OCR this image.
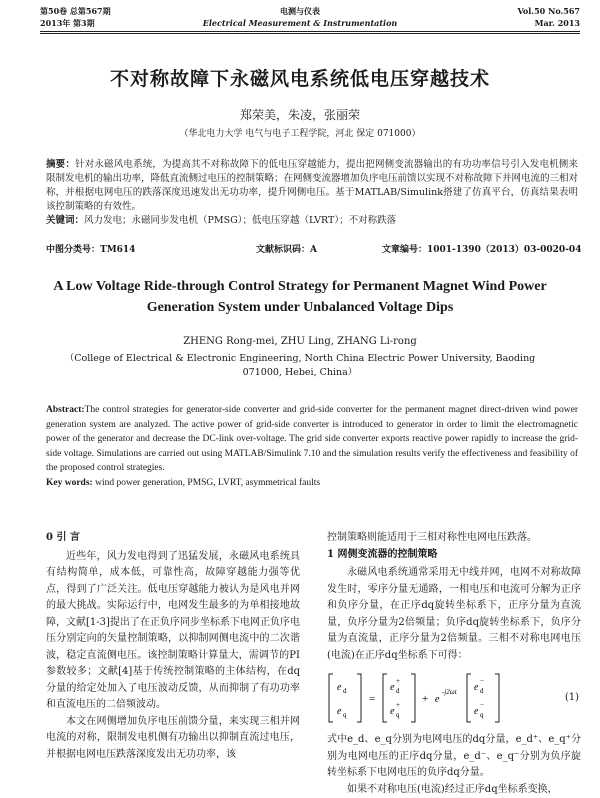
第50卷 总第567期
2013年 第3期
电测与仪表
Electrical Measurement & Instrumentation
Vol.50 No.567
Mar. 2013
不对称故障下永磁风电系统低电压穿越技术
郑荣美，朱凌，张丽荣
（华北电力大学 电气与电子工程学院，河北 保定 071000）
摘要：针对永磁风电系统，为提高其不对称故障下的低电压穿越能力，提出把网侧变流器输出的有功功率信号引入发电机侧来限制发电机的输出功率，降低直流侧过电压的控制策略；在网侧变流器增加负序电压前馈以实现不对称故障下并网电流的三相对称，并根据电网电压的跌落深度迅速发出无功功率，提升网侧电压。基于MATLAB/Simulink搭建了仿真平台，仿真结果表明该控制策略的有效性。
关键词：风力发电；永磁同步发电机（PMSG）；低电压穿越（LVRT）；不对称跌落
中图分类号：TM614	文献标识码：A	文章编号：1001-1390（2013）03-0020-04
A Low Voltage Ride-through Control Strategy for Permanent Magnet Wind Power Generation System under Unbalanced Voltage Dips
ZHENG Rong-mei, ZHU Ling, ZHANG Li-rong
（College of Electrical & Electronic Engineering, North China Electric Power University, Baoding 071000, Hebei, China）
Abstract:The control strategies for generator-side converter and grid-side converter for the permanent magnet direct-driven wind power generation system are analyzed. The active power of grid-side converter is introduced to generator in order to limit the electromagnetic power of the generator and decrease the DC-link over-voltage. The grid side converter exports reactive power rapidly to increase the grid-side voltage. Simulations are carried out using MATLAB/Simulink 7.10 and the simulation results verify the effectiveness and feasibility of the proposed control strategies.
Key words: wind power generation, PMSG, LVRT, asymmetrical faults
0 引 言

近些年，风力发电得到了迅猛发展，永磁风电系统具有结构简单，成本低，可靠性高，故障穿越能力强等优点，得到了广泛关注。低电压穿越能力被认为是风电并网的最大挑战。实际运行中，电网发生最多的为单相接地故障，文献[1-3]提出了在正负序同步坐标系下电网正负序电压分别定向的矢量控制策略，以抑制网侧电流中的二次谐波，稳定直流侧电压。该控制策略计算量大，需调节的PI参数较多；文献[4]基于传统控制策略的主体结构，在dq分量的给定处加入了电压波动反馈，从而抑制了有功功率和直流电压的二倍频波动。

本文在网侧增加负序电压前馈分量，来实现三相并网电流的对称，限制发电机侧有功输出以抑制直流过电压，并根据电网电压跌落深度发出无功功率，该

控制策略则能适用于三相对称性电网电压跌落。

1 网侧变流器的控制策略

永磁风电系统通常采用无中线并网，电网不对称故障发生时，零序分量无通路，一相电压和电流可分解为正序和负序分量，在正序dq旋转坐标系下，正序分量为直流量，负序分量为2倍频量；负序dq旋转坐标系下，负序分量为直流量，正序分量为2倍频量。三相不对称电网电压(电流)在正序dq坐标系下可得：

e d
e q
=
e d
+
e q
+ + e
-j2ωt e d
−
e q
−
(1)

式中e_d、e_q分别为电网电压的dq分量，e_d⁺、e_q⁺分别为电网电压的正序dq分量，e_d⁻、e_q⁻分别为负序旋转坐标系下电网电压的负序dq分量。

如果不对称电压(电流)经过正序dq坐标系变换，
